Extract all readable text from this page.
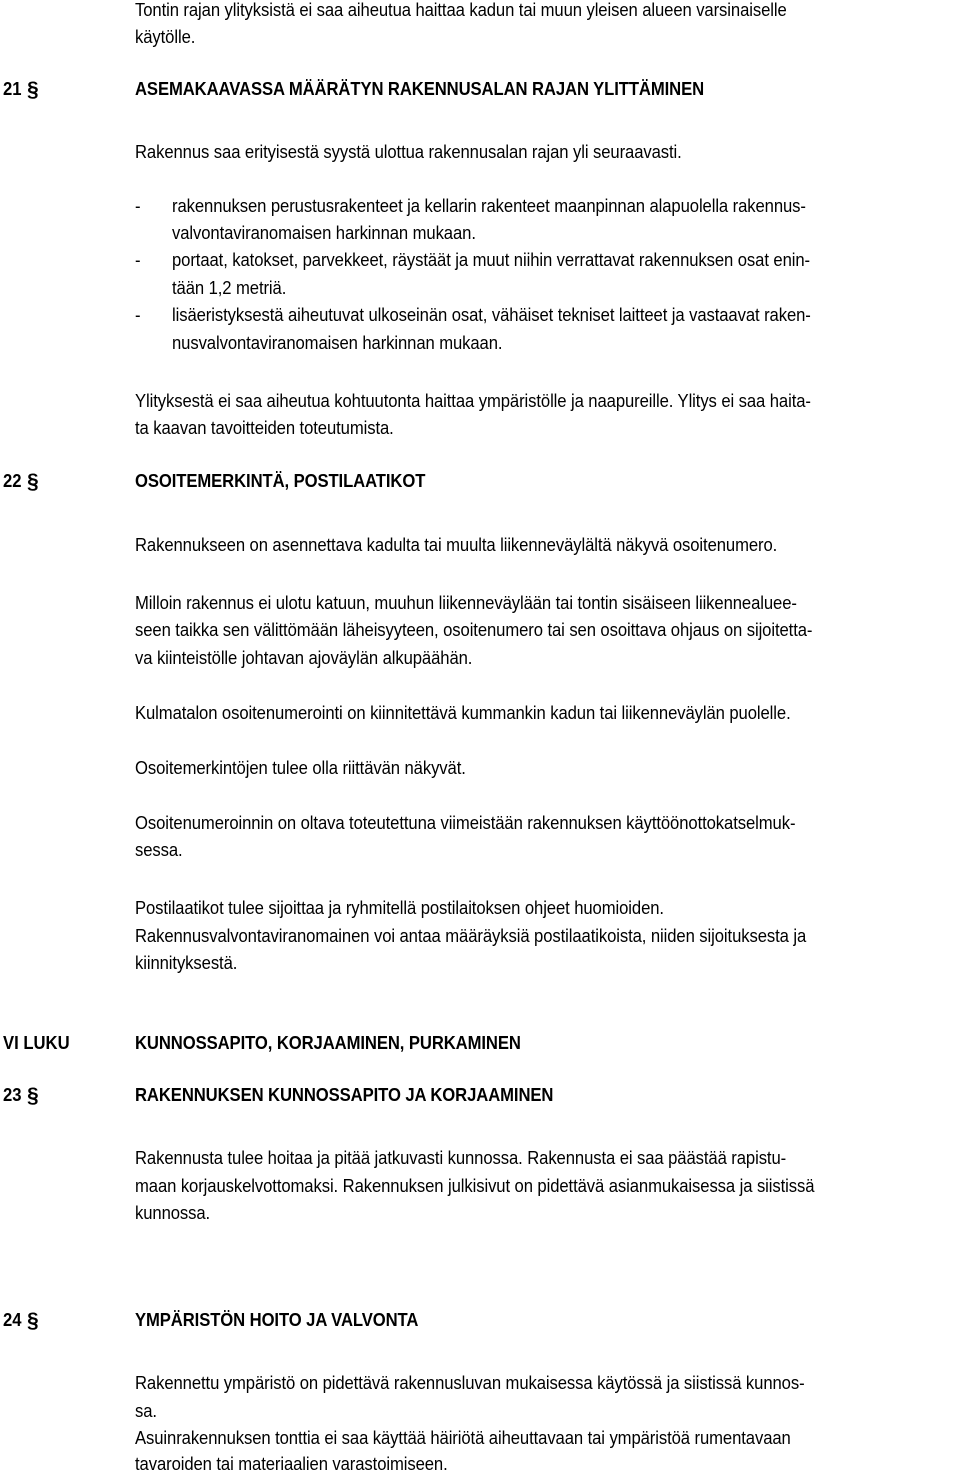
Tontin rajan ylityksistä ei saa aiheutua haittaa kadun tai muun yleisen alueen varsinaiselle
käytölle.
21 §	ASEMAKAAVASSA MÄÄRÄTYN RAKENNUSALAN RAJAN YLITTÄMINEN
Rakennus saa erityisestä syystä ulottua rakennusalan rajan yli seuraavasti.
- rakennuksen perustusrakenteet ja kellarin rakenteet maanpinnan alapuolella rakennus-
valvontaviranomaisen harkinnan mukaan.
- portaat, katokset, parvekkeet, räystäät ja muut niihin verrattavat rakennuksen osat enin-
tään 1,2 metriä.
- lisäeristyksestä aiheutuvat ulkoseinän osat, vähäiset tekniset laitteet ja vastaavat raken-
nusvalvontaviranomaisen harkinnan mukaan.
Ylityksestä ei saa aiheutua kohtuutonta haittaa ympäristölle ja naapureille. Ylitys ei saa haita-
ta kaavan tavoitteiden toteutumista.
22 §	OSOITEMERKINTÄ, POSTILAATIKOT
Rakennukseen on asennettava kadulta tai muulta liikenneväylältä näkyvä osoitenumero.
Milloin rakennus ei ulotu katuun, muuhun liikenneväylään tai tontin sisäiseen liikennealuee-
seen taikka sen välittömään läheisyyteen, osoitenumero tai sen osoittava ohjaus on sijoitetta-
va kiinteistölle johtavan ajoväylän alkupäähän.
Kulmatalon osoitenumerointi on kiinnitettävä kummankin kadun tai liikenneväylän puolelle.
Osoitemerkintöjen tulee olla riittävän näkyvät.
Osoitenumeroinnin on oltava toteutettuna viimeistään rakennuksen käyttöönottokatselmuk-
sessa.
Postilaatikot tulee sijoittaa ja ryhmitellä postilaitoksen ohjeet huomioiden.
Rakennusvalvontaviranomainen voi antaa määräyksiä postilaatikoista, niiden sijoituksesta ja
kiinnityksestä.
VI LUKU	KUNNOSSAPITO, KORJAAMINEN, PURKAMINEN
23 §	RAKENNUKSEN KUNNOSSAPITO JA KORJAAMINEN
Rakennusta tulee hoitaa ja pitää jatkuvasti kunnossa. Rakennusta ei saa päästää rapistu-
maan korjauskelvottomaksi. Rakennuksen julkisivut on pidettävä asianmukaisessa ja siistissä
kunnossa.
24 §	YMPÄRISTÖN HOITO JA VALVONTA
Rakennettu ympäristö on pidettävä rakennusluvan mukaisessa käytössä ja siistissä kunnos-
sa.
Asuinrakennuksen tonttia ei saa käyttää häiriötä aiheuttavaan tai ympäristöä rumentavaan
tavaroiden tai materiaalien varastoimiseen.
